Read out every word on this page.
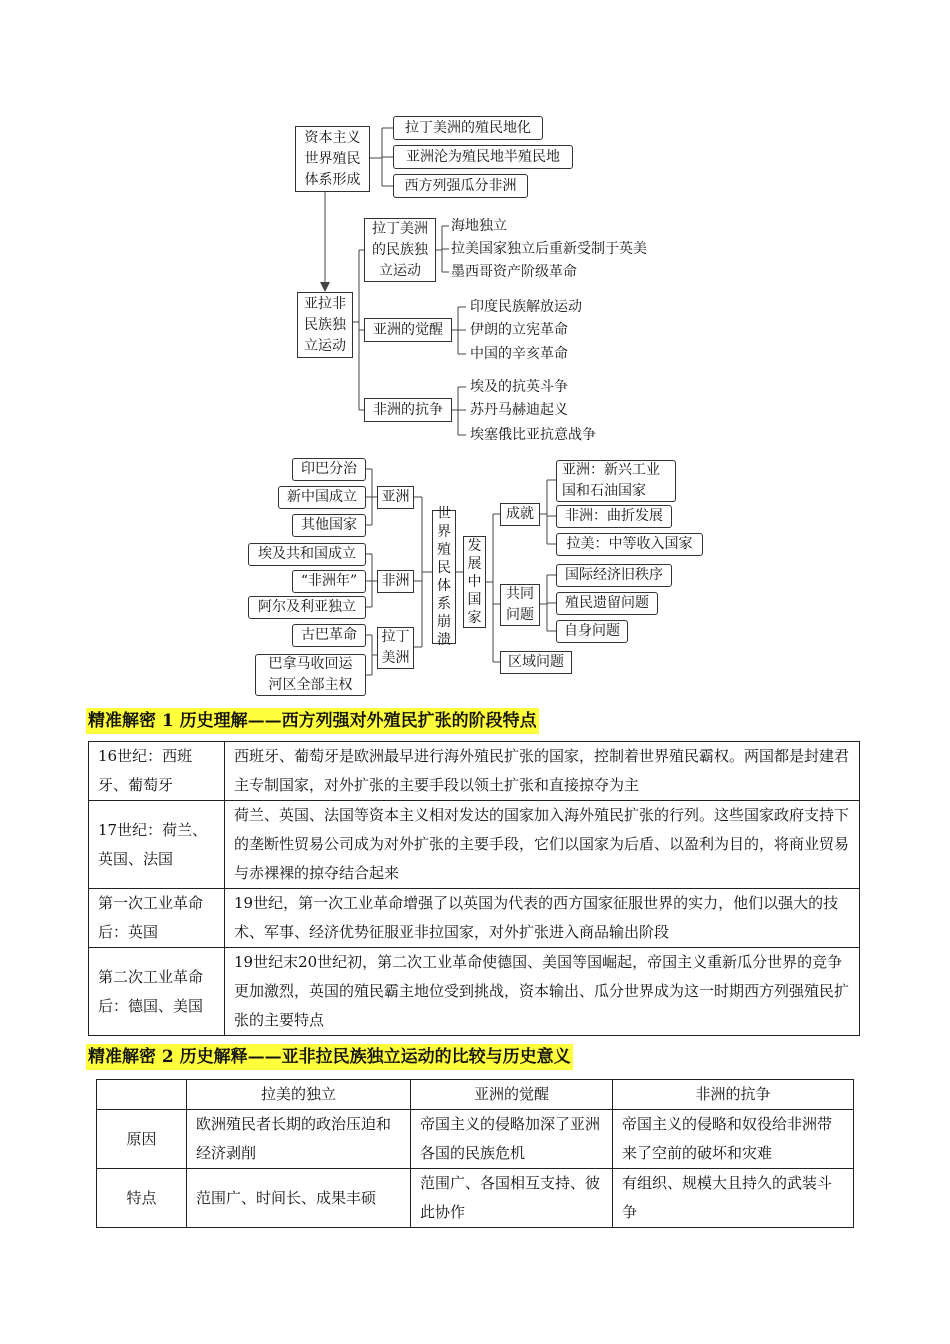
资本主义世界殖民体系形成
拉丁美洲的殖民地化
亚洲沦为殖民地半殖民地
西方列强瓜分非洲
亚拉非民族独立运动
拉丁美洲的民族独立运动
亚洲的觉醒
非洲的抗争
海地独立
拉美国家独立后重新受制于英美
墨西哥资产阶级革命
印度民族解放运动
伊朗的立宪革命
中国的辛亥革命
埃及的抗英斗争
苏丹马赫迪起义
埃塞俄比亚抗意战争
印巴分治
新中国成立
其他国家
埃及共和国成立
“非洲年”
阿尔及利亚独立
古巴革命
巴拿马收回运河区全部主权
亚洲
非洲
拉丁美洲
世界殖民体系崩溃
发展中国家
成就
共同问题
区域问题
亚洲：新兴工业国和石油国家
非洲：曲折发展
拉美：中等收入国家
国际经济旧秩序
殖民遗留问题
自身问题
精准解密 1 历史理解——西方列强对外殖民扩张的阶段特点
16世纪：西班牙、葡萄牙	西班牙、葡萄牙是欧洲最早进行海外殖民扩张的国家，控制着世界殖民霸权。两国都是封建君主专制国家，对外扩张的主要手段以领土扩张和直接掠夺为主
17世纪：荷兰、英国、法国	荷兰、英国、法国等资本主义相对发达的国家加入海外殖民扩张的行列。这些国家政府支持下的垄断性贸易公司成为对外扩张的主要手段，它们以国家为后盾、以盈利为目的，将商业贸易与赤裸裸的掠夺结合起来
第一次工业革命后：英国	19世纪，第一次工业革命增强了以英国为代表的西方国家征服世界的实力，他们以强大的技术、军事、经济优势征服亚非拉国家，对外扩张进入商品输出阶段
第二次工业革命后：德国、美国	19世纪末20世纪初，第二次工业革命使德国、美国等国崛起，帝国主义重新瓜分世界的竞争更加激烈，英国的殖民霸主地位受到挑战，资本输出、瓜分世界成为这一时期西方列强殖民扩张的主要特点
精准解密 2 历史解释——亚非拉民族独立运动的比较与历史意义
	拉美的独立	亚洲的觉醒	非洲的抗争
原因	欧洲殖民者长期的政治压迫和经济剥削	帝国主义的侵略加深了亚洲各国的民族危机	帝国主义的侵略和奴役给非洲带来了空前的破坏和灾难
特点	范围广、时间长、成果丰硕	范围广、各国相互支持、彼此协作	有组织、规模大且持久的武装斗争
